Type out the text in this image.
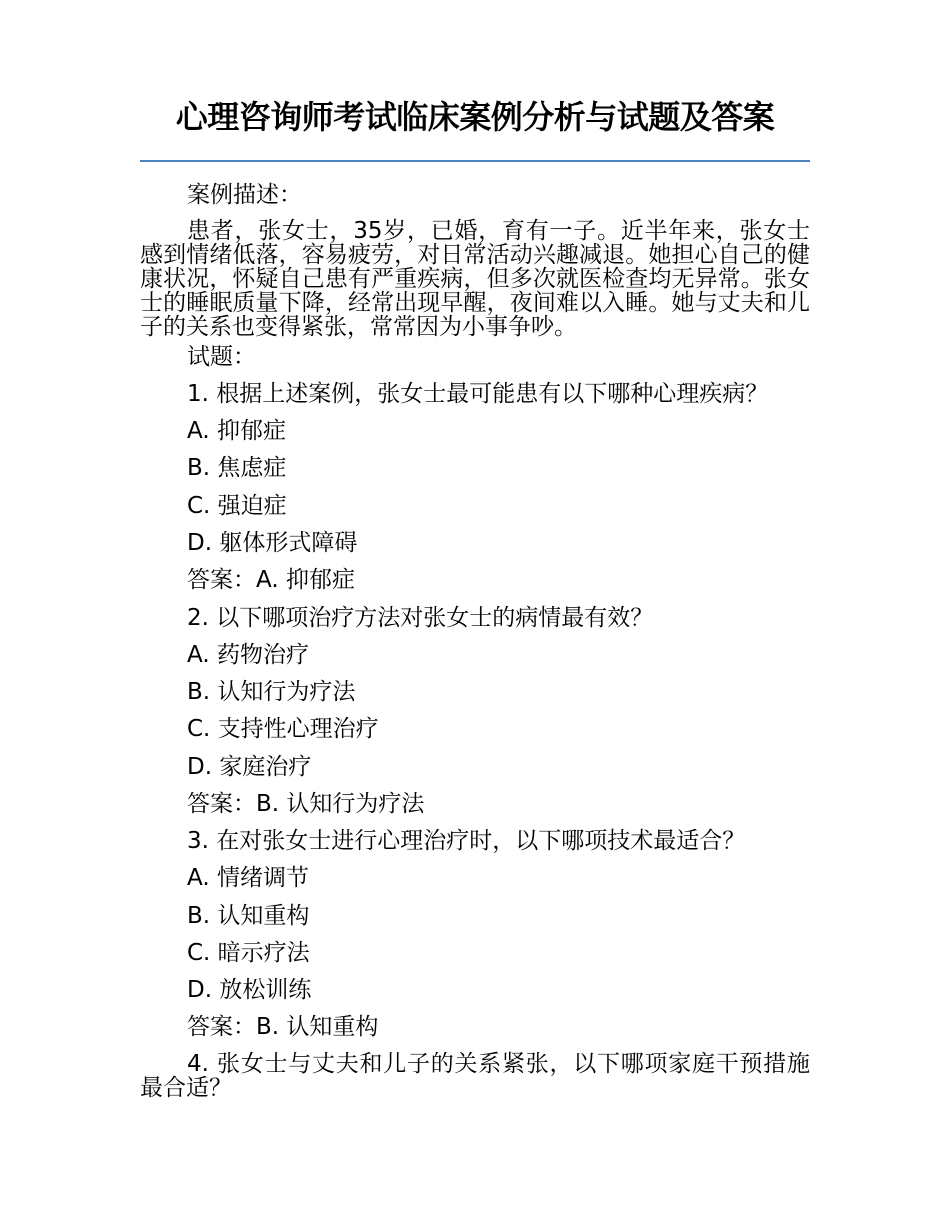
心理咨询师考试临床案例分析与试题及答案
案例描述：
患者，张女士，35岁，已婚，育有一子。近半年来，张女士感到情绪低落，容易疲劳，对日常活动兴趣减退。她担心自己的健康状况，怀疑自己患有严重疾病，但多次就医检查均无异常。张女士的睡眠质量下降，经常出现早醒，夜间难以入睡。她与丈夫和儿子的关系也变得紧张，常常因为小事争吵。
试题：
1. 根据上述案例，张女士最可能患有以下哪种心理疾病？
A. 抑郁症
B. 焦虑症
C. 强迫症
D. 躯体形式障碍
答案：A. 抑郁症
2. 以下哪项治疗方法对张女士的病情最有效？
A. 药物治疗
B. 认知行为疗法
C. 支持性心理治疗
D. 家庭治疗
答案：B. 认知行为疗法
3. 在对张女士进行心理治疗时，以下哪项技术最适合？
A. 情绪调节
B. 认知重构
C. 暗示疗法
D. 放松训练
答案：B. 认知重构
4. 张女士与丈夫和儿子的关系紧张，以下哪项家庭干预措施最合适？
